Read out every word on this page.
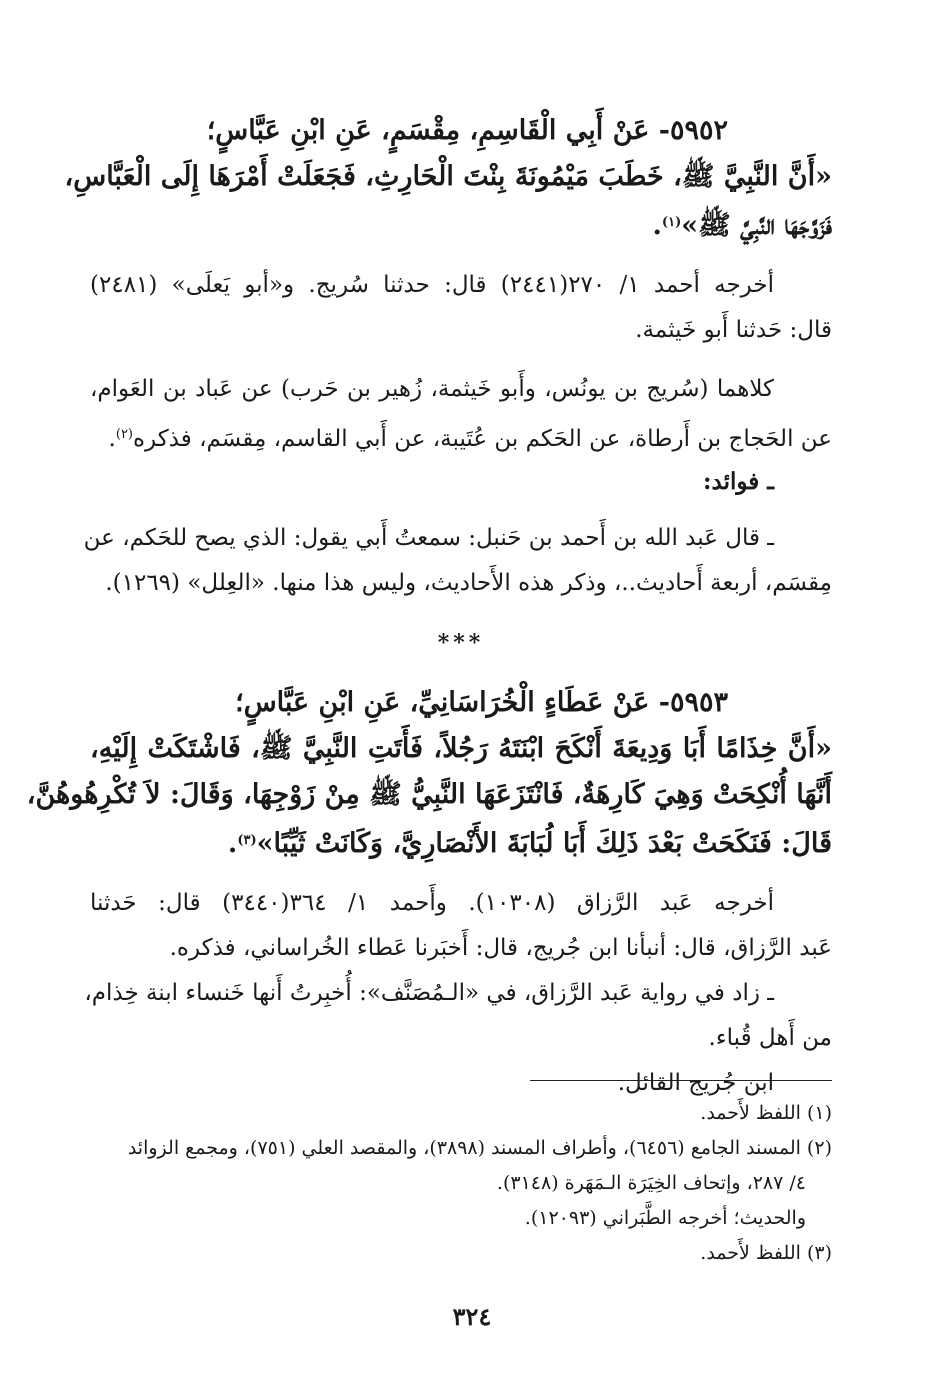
٥٩٥٢- عَنْ أَبِي الْقَاسِمِ، مِقْسَمٍ، عَنِ ابْنِ عَبَّاسٍ؛

«أَنَّ النَّبِيَّ ﷺ، خَطَبَ مَيْمُونَةَ بِنْتَ الْحَارِثِ، فَجَعَلَتْ أَمْرَهَا إِلَى الْعَبَّاسِ،

فَزَوَّجَهَا النَّبِيَّ ﷺ»$^{(١)}$.

أخرجه أحمد ١/ ٢٧٠(٢٤٤١) قال: حدثنا سُريج. و«أبو يَعلَى» (٢٤٨١)

قال: حَدثنا أَبو خَيثمة.

كلاهما (سُريج بن يونُس، وأَبو خَيثمة، زُهير بن حَرب) عن عَباد بن العَوام،

عن الحَجاج بن أَرطاة، عن الحَكم بن عُتَيبة، عن أَبي القاسم، مِقسَم، فذكره$^{(٢)}$.

ـ فوائد:

ـ قال عَبد الله بن أَحمد بن حَنبل: سمعتُ أَبي يقول: الذي يصح للحَكم، عن

مِقسَم، أربعة أَحاديث..، وذكر هذه الأَحاديث، وليس هذا منها. «العِلل» (١٢٦٩).

***

٥٩٥٣- عَنْ عَطَاءٍ الْخُرَاسَانِيِّ، عَنِ ابْنِ عَبَّاسٍ؛

«أَنَّ خِذَامًا أَبَا وَدِيعَةَ أَنْكَحَ ابْنَتَهُ رَجُلاً، فَأَتَتِ النَّبِيَّ ﷺ، فَاشْتَكَتْ إِلَيْهِ،

أَنَّهَا أُنْكِحَتْ وَهِيَ كَارِهَةٌ، فَانْتَزَعَهَا النَّبِيُّ ﷺ مِنْ زَوْجِهَا، وَقَالَ: لاَ تُكْرِهُوهُنَّ،

قَالَ: فَنَكَحَتْ بَعْدَ ذَلِكَ أَبَا لُبَابَةَ الأَنْصَارِيَّ، وَكَانَتْ ثَيِّبًا»$^{(٣)}$.

أخرجه عَبد الرَّزاق (١٠٣٠٨). وأَحمد ١/ ٣٦٤(٣٤٤٠) قال: حَدثنا

عَبد الرَّزاق، قال: أنبأنا ابن جُريج، قال: أَخبَرنا عَطاء الخُراساني، فذكره.

ـ زاد في رواية عَبد الرَّزاق، في «الـمُصَنَّف»: أُخبِرتُ أَنها خَنساء ابنة خِذام،

من أَهل قُباء.

ابن جُريج القائل.

(١) اللفظ لأَحمد.

(٢) المسند الجامع (٦٤٥٦)، وأطراف المسند (٣٨٩٨)، والمقصد العلي (٧٥١)، ومجمع الزوائد

٤/ ٢٨٧، وإتحاف الخِيَرَة الـمَهَرة (٣١٤٨).

والحديث؛ أخرجه الطَّبَراني (١٢٠٩٣).

(٣) اللفظ لأَحمد.

٣٢٤
